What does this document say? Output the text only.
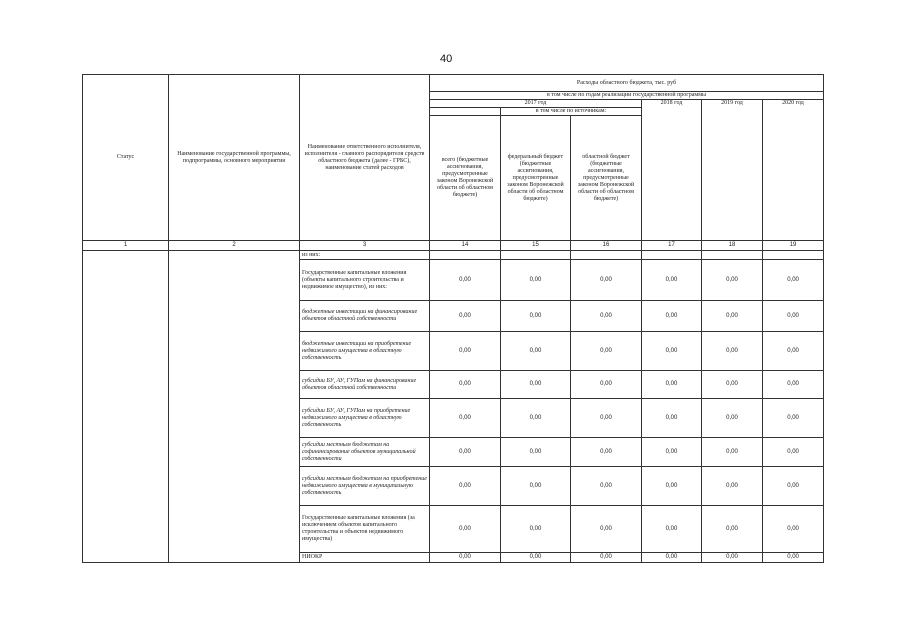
40
Статус	Наименование государственной программы, подпрограммы, основного мероприятия	Наименование ответственного исполнителя, исполнителя - главного распорядителя средств областного бюджета (далее - ГРБС), наименование статей расходов	Расходы областного бюджета, тыс. руб					
			в том числе по годам реализации государственной программы					
			2017 год			2018 год	2019 год	2020 год
				в том числе по источникам:				
			всего (бюджетные ассигнования, предусмотренные законом Воронежской области об областном бюджете)	федеральный бюджет (бюджетные ассигнования, предусмотренные законом Воронежской области об областном бюджете)	областной бюджет (бюджетные ассигнования, предусмотренные законом Воронежской области об областном бюджете)			
1	2	3	14	15	16	17	18	19
		из них:						
		Государственные капитальные вложения (объекты капитального строительства и недвижимое имущество), из них:	0,00	0,00	0,00	0,00	0,00	0,00
		бюджетные инвестиции на финансирование объектов областной собственности	0,00	0,00	0,00	0,00	0,00	0,00
		бюджетные инвестиции на приобретение недвижимого имущества в областную собственность	0,00	0,00	0,00	0,00	0,00	0,00
		субсидии БУ, АУ, ГУПам на финансирование объектов областной собственности	0,00	0,00	0,00	0,00	0,00	0,00
		субсидии БУ, АУ, ГУПам на приобретение недвижимого имущества в областную собственность	0,00	0,00	0,00	0,00	0,00	0,00
		субсидии местным бюджетам на софинансирование объектов муниципальной собственности	0,00	0,00	0,00	0,00	0,00	0,00
		субсидии местным бюджетам на приобретение недвижимого имущества в муниципальную собственность	0,00	0,00	0,00	0,00	0,00	0,00
		Государственные капитальные вложения (за исключением объектов капитального строительства и объектов недвижимого имущества)	0,00	0,00	0,00	0,00	0,00	0,00
		НИОКР	0,00	0,00	0,00	0,00	0,00	0,00
